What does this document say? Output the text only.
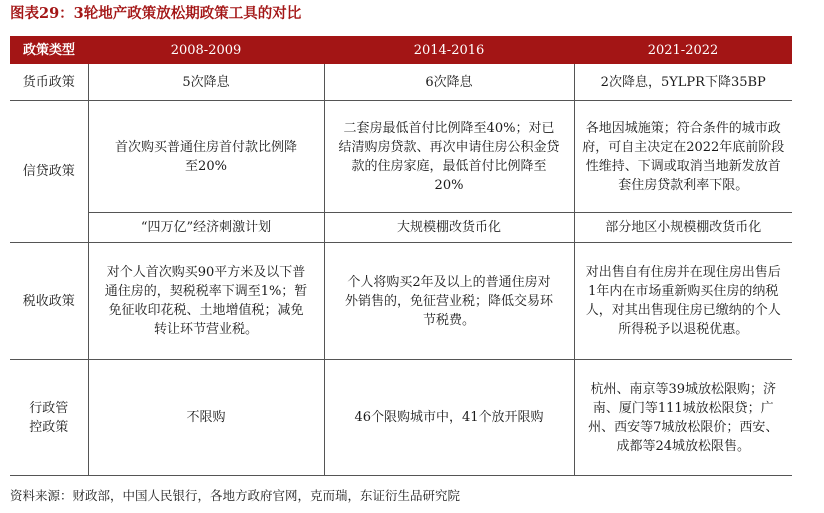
图表29：3轮地产政策放松期政策工具的对比
政策类型	2008-2009	2014-2016	2021-2022
货币政策	5次降息	6次降息	2次降息，5YLPR下降35BP
信贷政策	首次购买普通住房首付款比例降至20%	二套房最低首付比例降至40%；对已结清购房贷款、再次申请住房公积金贷款的住房家庭，最低首付比例降至20%	各地因城施策；符合条件的城市政府，可自主决定在2022年底前阶段性维持、下调或取消当地新发放首套住房贷款利率下限。
	“四万亿”经济刺激计划	大规模棚改货币化	部分地区小规模棚改货币化
税收政策	对个人首次购买90平方米及以下普通住房的，契税税率下调至1%；暂免征收印花税、土地增值税；减免转让环节营业税。	个人将购买2年及以上的普通住房对外销售的，免征营业税；降低交易环节税费。	对出售自有住房并在现住房出售后1年内在市场重新购买住房的纳税人，对其出售现住房已缴纳的个人所得税予以退税优惠。
行政管控政策	不限购	46个限购城市中，41个放开限购	杭州、南京等39城放松限购；济南、厦门等111城放松限贷；广州、西安等7城放松限价；西安、成都等24城放松限售。
资料来源：财政部，中国人民银行，各地方政府官网，克而瑞，东证衍生品研究院
